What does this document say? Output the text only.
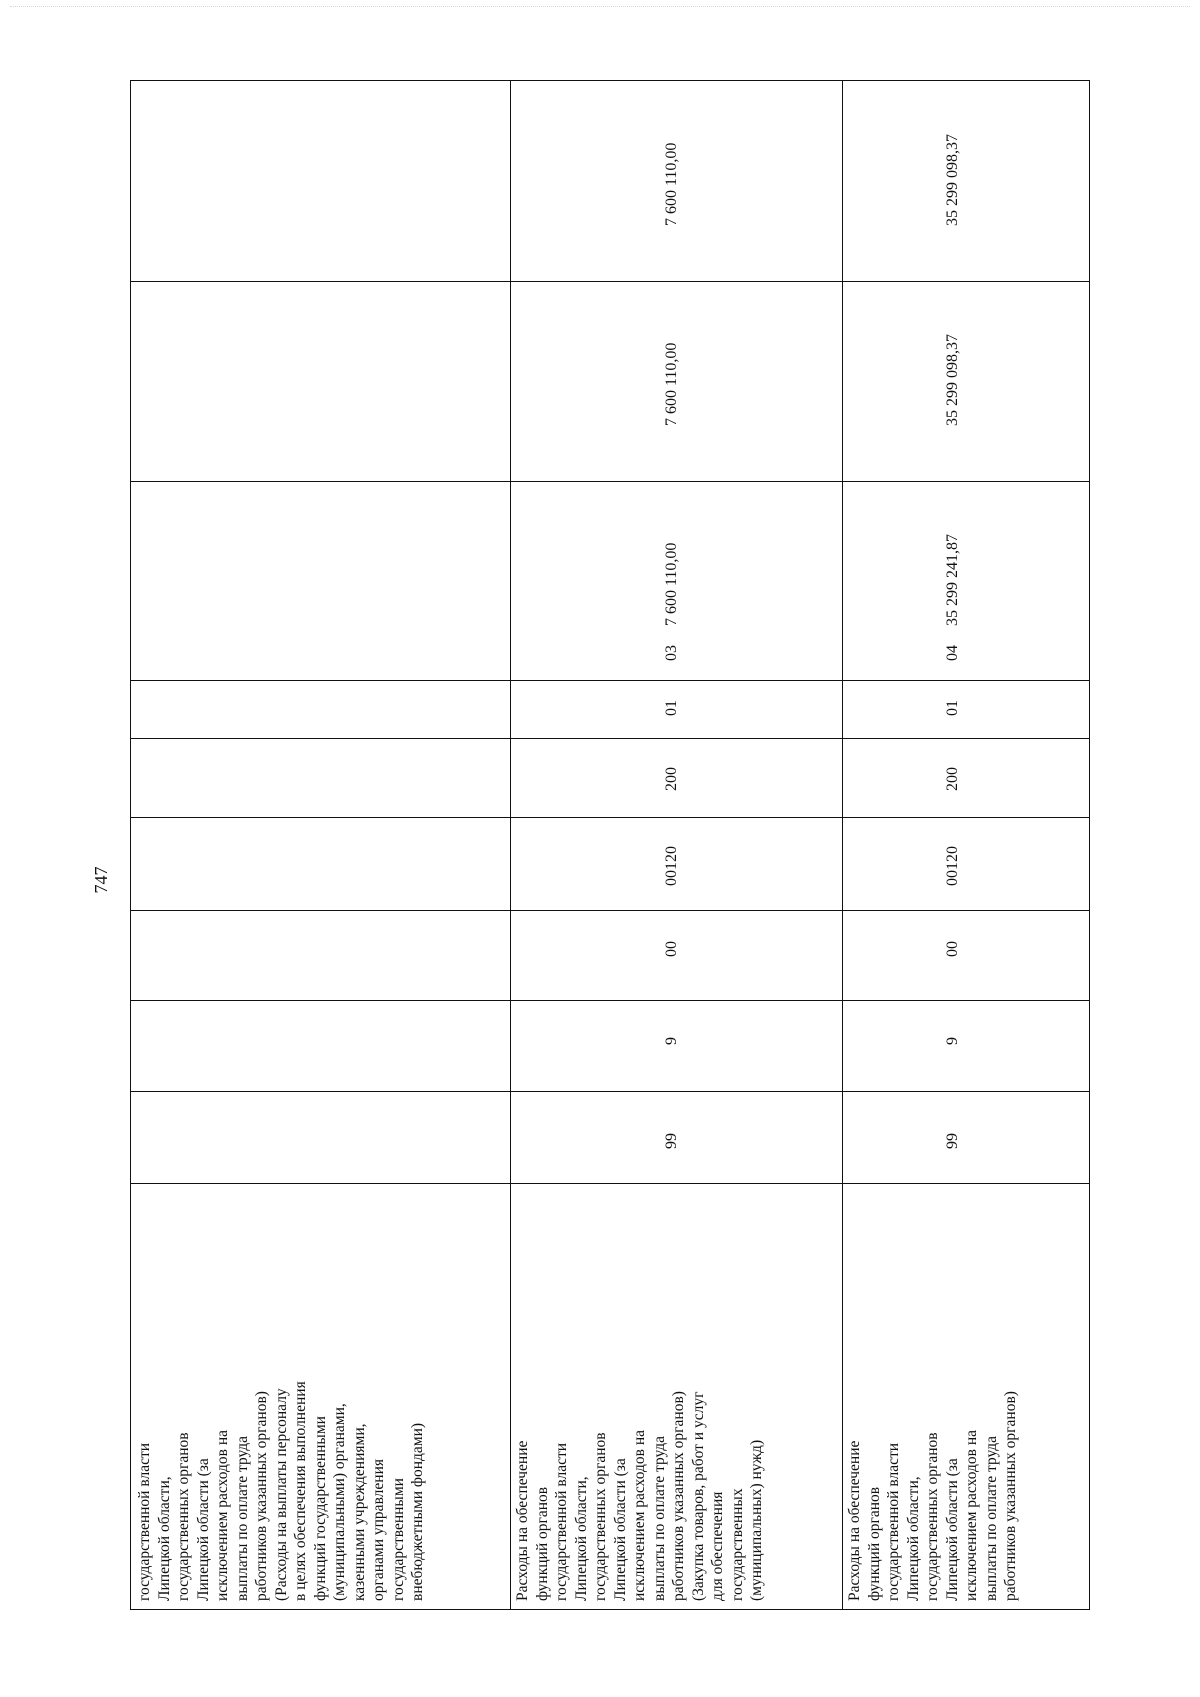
747
государственной власти Липецкой области, государственных органов Липецкой области (за исключением расходов на выплаты по оплате труда работников указанных органов) (Расходы на выплаты персоналу в целях обеспечения выполнения функций государственными (муниципальными) органами, казенными учреждениями, органами управления государственными внебюджетными фондами)	Расходы на обеспечение функций органов государственной власти Липецкой области, государственных органов Липецкой области (за исключением расходов на выплаты по оплате труда работников указанных органов) (Закупка товаров, работ и услуг для обеспечения государственных (муниципальных) нужд)
99
9
00
00120
200
01
03
7 600 110,00
7 600 110,00
7 600 110,00
Расходы на обеспечение функций органов государственной власти Липецкой области, государственных органов Липецкой области (за исключением расходов на выплаты по оплате труда работников указанных органов)
99
9
00
00120
200
01
04
35 299 241,87
35 299 098,37
35 299 098,37
